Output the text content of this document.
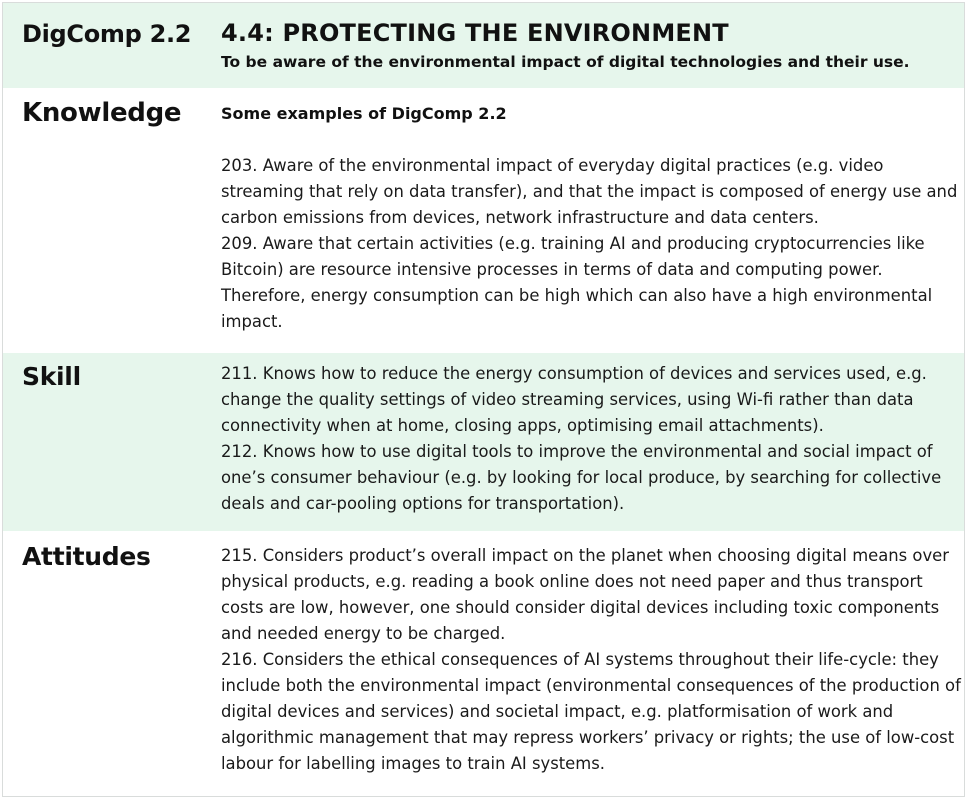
DigComp 2.2 4.4: PROTECTING THE ENVIRONMENT
To be aware of the environmental impact of digital technologies and their use.
Knowledge Some examples of DigComp 2.2

203. Aware of the environmental impact of everyday digital practices (e.g. video streaming that rely on data transfer), and that the impact is composed of energy use and carbon emissions from devices, network infrastructure and data centers.

209. Aware that certain activities (e.g. training AI and producing cryptocurrencies like Bitcoin) are resource intensive processes in terms of data and computing power. Therefore, energy consumption can be high which can also have a high environmental impact.

Skill	211. Knows how to reduce the energy consumption of devices and services used, e.g. change the quality settings of video streaming services, using Wi-fi rather than data connectivity when at home, closing apps, optimising email attachments).

212. Knows how to use digital tools to improve the environmental and social impact of one’s consumer behaviour (e.g. by looking for local produce, by searching for collective deals and car-pooling options for transportation).

Attitudes	215. Considers product’s overall impact on the planet when choosing digital means over physical products, e.g. reading a book online does not need paper and thus transport costs are low, however, one should consider digital devices including toxic components and needed energy to be charged.

216. Considers the ethical consequences of AI systems throughout their life-cycle: they include both the environmental impact (environmental consequences of the production of digital devices and services) and societal impact, e.g. platformisation of work and algorithmic management that may repress workers’ privacy or rights; the use of low-cost labour for labelling images to train AI systems.
